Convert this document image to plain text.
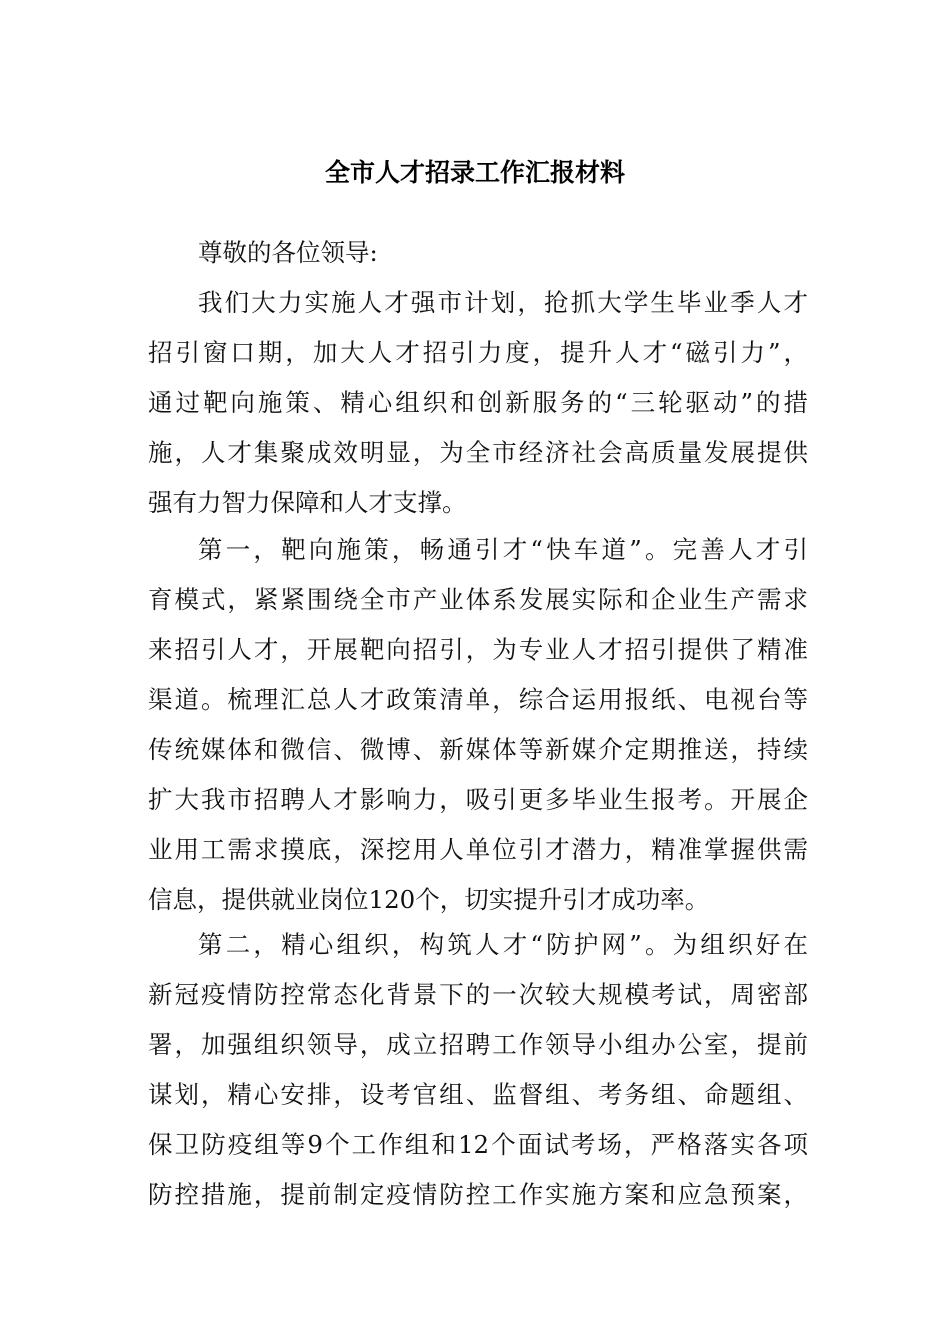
全市人才招录工作汇报材料
尊敬的各位领导:
我们大力实施人才强市计划，抢抓大学生毕业季人才
招引窗口期，加大人才招引力度，提升人才“磁引力”，
通过靶向施策、精心组织和创新服务的“三轮驱动”的措
施，人才集聚成效明显，为全市经济社会高质量发展提供
强有力智力保障和人才支撑。
第一，靶向施策，畅通引才“快车道”。完善人才引
育模式，紧紧围绕全市产业体系发展实际和企业生产需求
来招引人才，开展靶向招引，为专业人才招引提供了精准
渠道。梳理汇总人才政策清单，综合运用报纸、电视台等
传统媒体和微信、微博、新媒体等新媒介定期推送，持续
扩大我市招聘人才影响力，吸引更多毕业生报考。开展企
业用工需求摸底，深挖用人单位引才潜力，精准掌握供需
信息，提供就业岗位120个，切实提升引才成功率。
第二，精心组织，构筑人才“防护网”。为组织好在
新冠疫情防控常态化背景下的一次较大规模考试，周密部
署，加强组织领导，成立招聘工作领导小组办公室，提前
谋划，精心安排，设考官组、监督组、考务组、命题组、
保卫防疫组等9个工作组和12个面试考场，严格落实各项
防控措施，提前制定疫情防控工作实施方案和应急预案，
